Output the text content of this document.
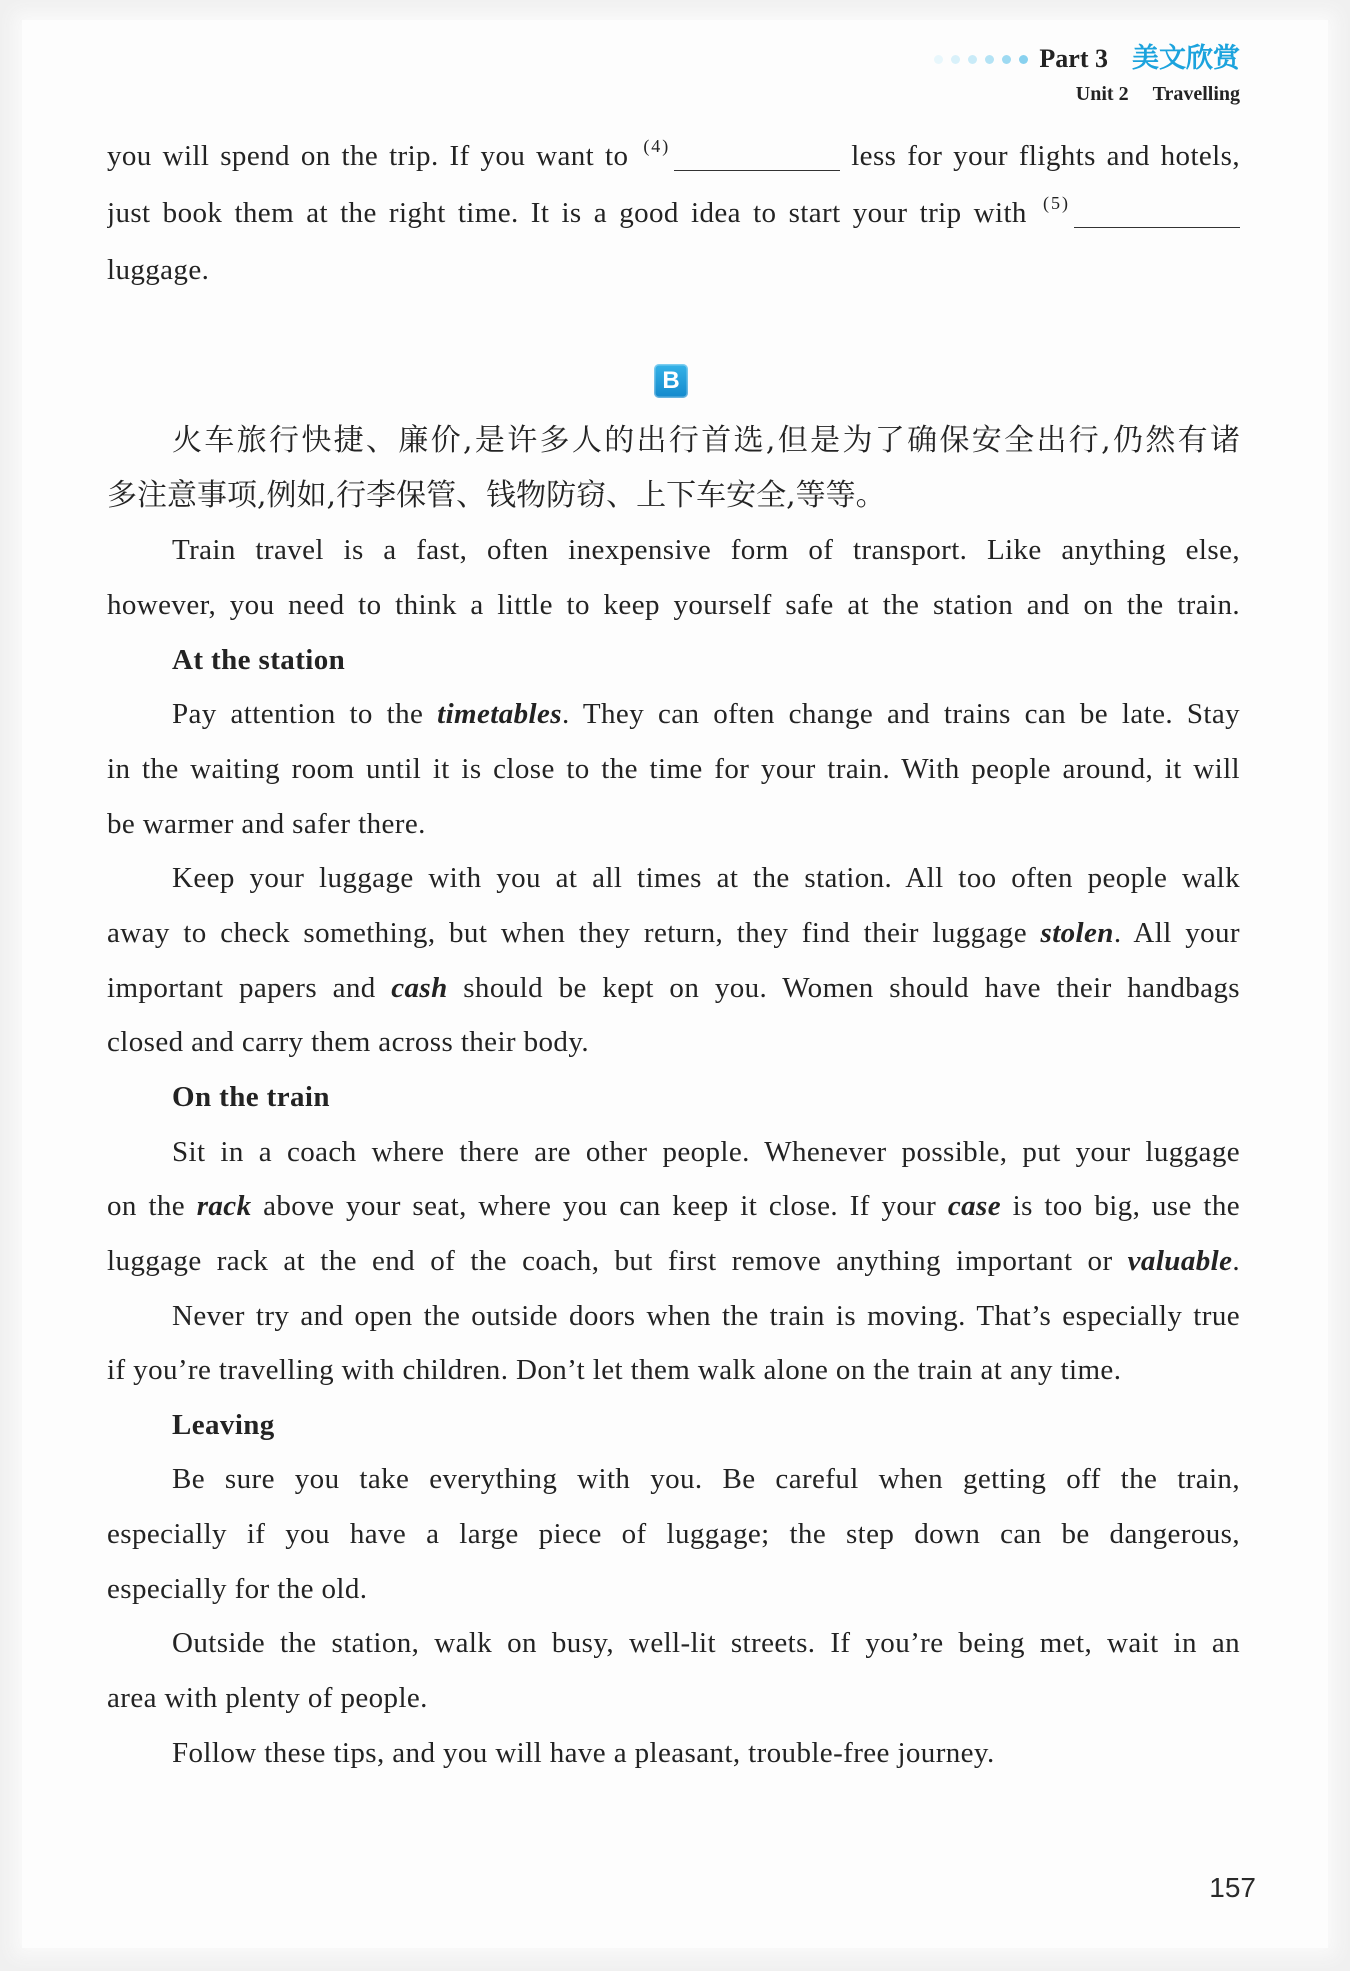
Part 3 美文欣赏
Unit 2 Travelling
you will spend on the trip. If you want to $^{(4)}$	less for your flights and hotels,
just book them at the right time. It is a good idea to start your trip with $^{(5)}$
luggage.
B
火车旅行快捷、廉价,是许多人的出行首选,但是为了确保安全出行,仍然有诸
多注意事项,例如,行李保管、钱物防窃、上下车安全,等等。
Train travel is a fast, often inexpensive form of transport. Like anything else,
however, you need to think a little to keep yourself safe at the station and on the train.
At the station
Pay attention to the timetables. They can often change and trains can be late. Stay
in the waiting room until it is close to the time for your train. With people around, it will
be warmer and safer there.
Keep your luggage with you at all times at the station. All too often people walk
away to check something, but when they return, they find their luggage stolen. All your
important papers and cash should be kept on you. Women should have their handbags
closed and carry them across their body.
On the train
Sit in a coach where there are other people. Whenever possible, put your luggage
on the rack above your seat, where you can keep it close. If your case is too big, use the
luggage rack at the end of the coach, but first remove anything important or valuable.
Never try and open the outside doors when the train is moving. That’s especially true
if you’re travelling with children. Don’t let them walk alone on the train at any time.
Leaving
Be sure you take everything with you. Be careful when getting off the train,
especially if you have a large piece of luggage; the step down can be dangerous,
especially for the old.
Outside the station, walk on busy, well-lit streets. If you’re being met, wait in an
area with plenty of people.
Follow these tips, and you will have a pleasant, trouble-free journey.
157
